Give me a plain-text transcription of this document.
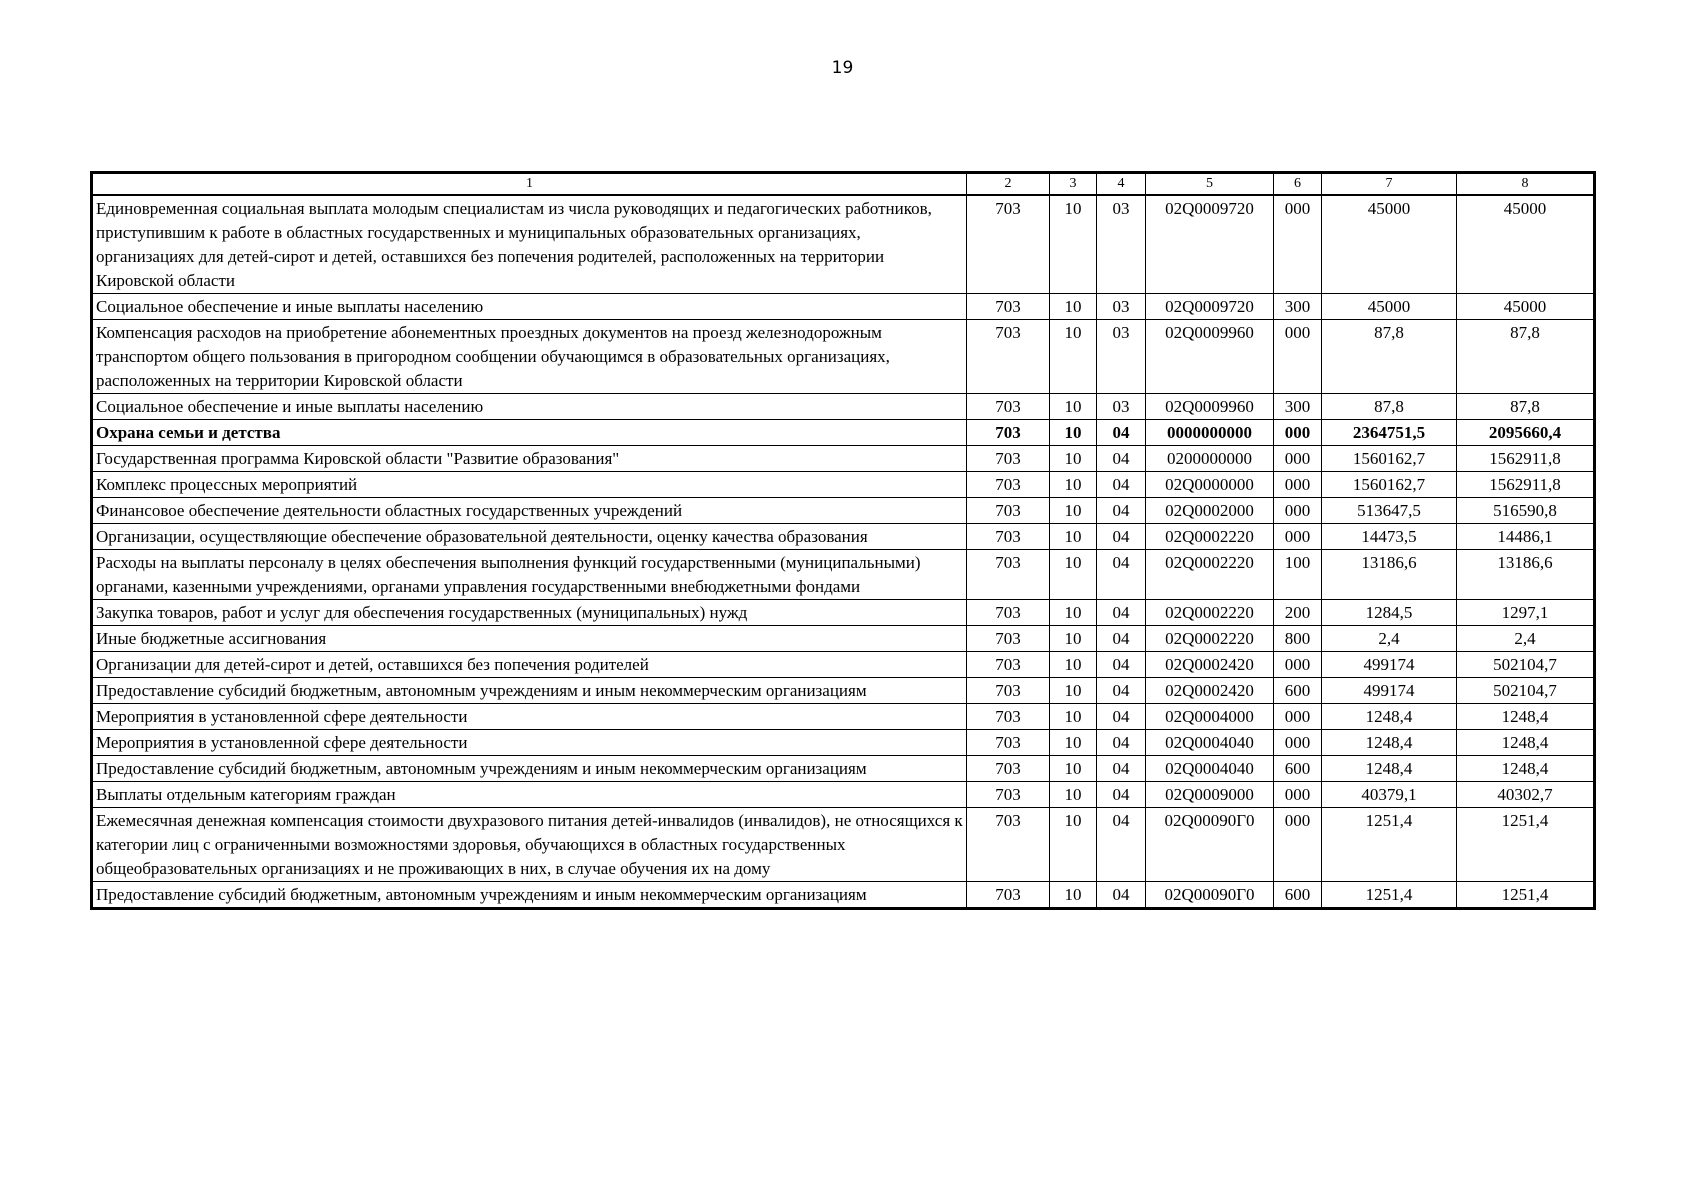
19
1	2	3	4	5	6	7	8
Единовременная социальная выплата молодым специалистам из числа руководящих и педагогических работников, приступившим к работе в областных государственных и муниципальных образовательных организациях, организациях для детей-сирот и детей, оставшихся без попечения родителей, расположенных на территории Кировской области	703	10	03	02Q0009720	000	45000	45000
Социальное обеспечение и иные выплаты населению	703	10	03	02Q0009720	300	45000	45000
Компенсация расходов на приобретение абонементных проездных документов на проезд железнодорожным транспортом общего пользования в пригородном сообщении обучающимся в образовательных организациях, расположенных на территории Кировской области	703	10	03	02Q0009960	000	87,8	87,8
Социальное обеспечение и иные выплаты населению	703	10	03	02Q0009960	300	87,8	87,8
Охрана семьи и детства	703	10	04	0000000000	000	2364751,5	2095660,4
Государственная программа Кировской области "Развитие образования"	703	10	04	0200000000	000	1560162,7	1562911,8
Комплекс процессных мероприятий	703	10	04	02Q0000000	000	1560162,7	1562911,8
Финансовое обеспечение деятельности областных государственных учреждений	703	10	04	02Q0002000	000	513647,5	516590,8
Организации, осуществляющие обеспечение образовательной деятельности, оценку качества образования	703	10	04	02Q0002220	000	14473,5	14486,1
Расходы на выплаты персоналу в целях обеспечения выполнения функций государственными (муниципальными) органами, казенными учреждениями, органами управления государственными внебюджетными фондами	703	10	04	02Q0002220	100	13186,6	13186,6
Закупка товаров, работ и услуг для обеспечения государственных (муниципальных) нужд	703	10	04	02Q0002220	200	1284,5	1297,1
Иные бюджетные ассигнования	703	10	04	02Q0002220	800	2,4	2,4
Организации для детей-сирот и детей, оставшихся без попечения родителей	703	10	04	02Q0002420	000	499174	502104,7
Предоставление субсидий бюджетным, автономным учреждениям и иным некоммерческим организациям	703	10	04	02Q0002420	600	499174	502104,7
Мероприятия в установленной сфере деятельности	703	10	04	02Q0004000	000	1248,4	1248,4
Мероприятия в установленной сфере деятельности	703	10	04	02Q0004040	000	1248,4	1248,4
Предоставление субсидий бюджетным, автономным учреждениям и иным некоммерческим организациям	703	10	04	02Q0004040	600	1248,4	1248,4
Выплаты отдельным категориям граждан	703	10	04	02Q0009000	000	40379,1	40302,7
Ежемесячная денежная компенсация стоимости двухразового питания детей-инвалидов (инвалидов), не относящихся к категории лиц с ограниченными возможностями здоровья, обучающихся в областных государственных общеобразовательных организациях и не проживающих в них, в случае обучения их на дому	703	10	04	02Q00090Г0	000	1251,4	1251,4
Предоставление субсидий бюджетным, автономным учреждениям и иным некоммерческим организациям	703	10	04	02Q00090Г0	600	1251,4	1251,4
